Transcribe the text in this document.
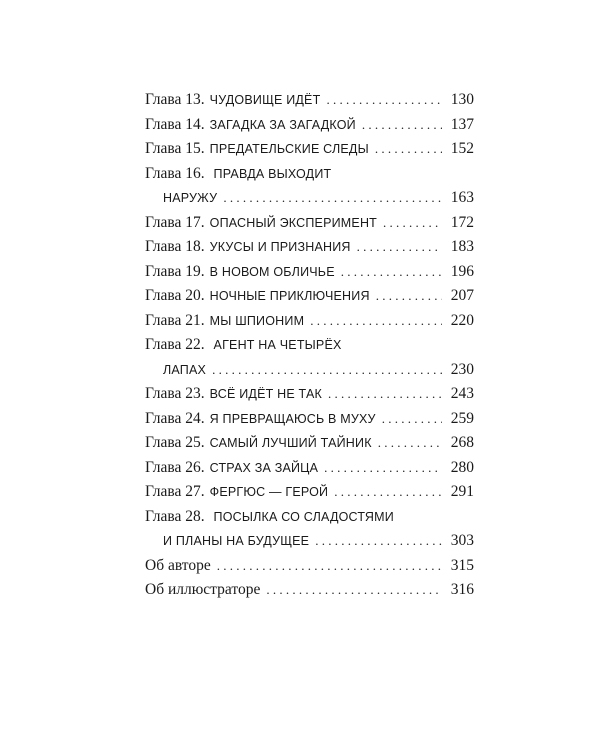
Глава 13. ЧУДОВИЩЕ ИДЁТ . . .	130
Глава 14. ЗАГАДКА ЗА ЗАГАДКОЙ . . .	137
Глава 15. ПРЕДАТЕЛЬСКИЕ СЛЕДЫ . . .	152
Глава 16. ПРАВДА ВЫХОДИТ
НАРУЖУ . . .	163
Глава 17. ОПАСНЫЙ ЭКСПЕРИМЕНТ . . .	172
Глава 18. УКУСЫ И ПРИЗНАНИЯ . . .	183
Глава 19. В НОВОМ ОБЛИЧЬЕ . . .	196
Глава 20. НОЧНЫЕ ПРИКЛЮЧЕНИЯ . . .	207
Глава 21. МЫ ШПИОНИМ . . .	220
Глава 22. АГЕНТ НА ЧЕТЫРЁХ
ЛАПАХ . . .	230
Глава 23. ВСЁ ИДЁТ НЕ ТАК . . .	243
Глава 24. Я ПРЕВРАЩАЮСЬ В МУХУ . . .	259
Глава 25. САМЫЙ ЛУЧШИЙ ТАЙНИК . . .	268
Глава 26. СТРАХ ЗА ЗАЙЦА . . .	280
Глава 27. ФЕРГЮС — ГЕРОЙ . . .	291
Глава 28. ПОСЫЛКА СО СЛАДОСТЯМИ
И ПЛАНЫ НА БУДУЩЕЕ . . .	303
Об авторе . . .	315
Об иллюстраторе . . .	316
